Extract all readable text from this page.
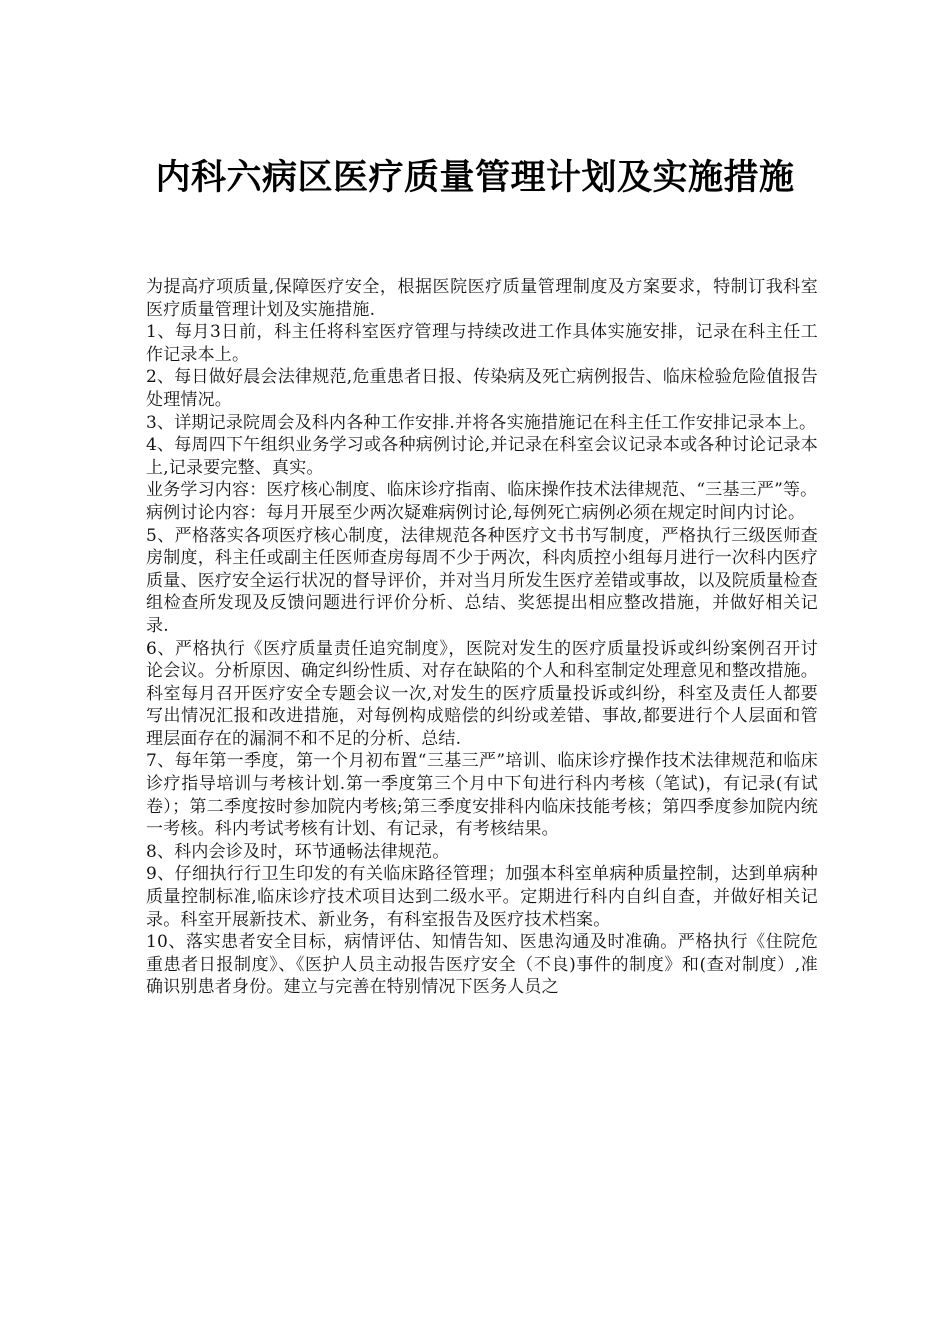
内科六病区医疗质量管理计划及实施措施

为提高疗项质量,保障医疗安全，根据医院医疗质量管理制度及方案要求，特制订我科室医疗质量管理计划及实施措施.

1、每月3日前，科主任将科室医疗管理与持续改进工作具体实施安排，记录在科主任工作记录本上。

2、每日做好晨会法律规范,危重患者日报、传染病及死亡病例报告、临床检验危险值报告处理情况。

3、详期记录院周会及科内各种工作安排.并将各实施措施记在科主任工作安排记录本上。

4、每周四下午组织业务学习或各种病例讨论,并记录在科室会议记录本或各种讨论记录本上,记录要完整、真实。

业务学习内容：医疗核心制度、临床诊疗指南、临床操作技术法律规范、“三基三严”等。

病例讨论内容：每月开展至少两次疑难病例讨论,每例死亡病例必须在规定时间内讨论。

5、严格落实各项医疗核心制度，法律规范各种医疗文书书写制度，严格执行三级医师查房制度，科主任或副主任医师查房每周不少于两次，科肉质控小组每月进行一次科内医疗质量、医疗安全运行状况的督导评价，并对当月所发生医疗差错或事故，以及院质量检查组检查所发现及反馈问题进行评价分析、总结、奖惩提出相应整改措施，并做好相关记录.

6、严格执行《医疗质量责任追究制度》，医院对发生的医疗质量投诉或纠纷案例召开讨论会议。分析原因、确定纠纷性质、对存在缺陷的个人和科室制定处理意见和整改措施。科室每月召开医疗安全专题会议一次,对发生的医疗质量投诉或纠纷，科室及责任人都要写出情况汇报和改进措施，对每例构成赔偿的纠纷或差错、事故,都要进行个人层面和管理层面存在的漏洞不和不足的分析、总结.

7、每年第一季度，第一个月初布置“三基三严”培训、临床诊疗操作技术法律规范和临床诊疗指导培训与考核计划.第一季度第三个月中下旬进行科内考核（笔试)，有记录(有试卷）；第二季度按时参加院内考核;第三季度安排科内临床技能考核；第四季度参加院内统一考核。科内考试考核有计划、有记录，有考核结果。

8、科内会诊及时，环节通畅法律规范。

9、仔细执行行卫生印发的有关临床路径管理；加强本科室单病种质量控制，达到单病种质量控制标准,临床诊疗技术项目达到二级水平。定期进行科内自纠自查，并做好相关记录。科室开展新技术、新业务，有科室报告及医疗技术档案。

10、落实患者安全目标，病情评估、知情告知、医患沟通及时准确。严格执行《住院危重患者日报制度》、《医护人员主动报告医疗安全（不良)事件的制度》和(查对制度）,准确识别患者身份。建立与完善在特别情况下医务人员之
